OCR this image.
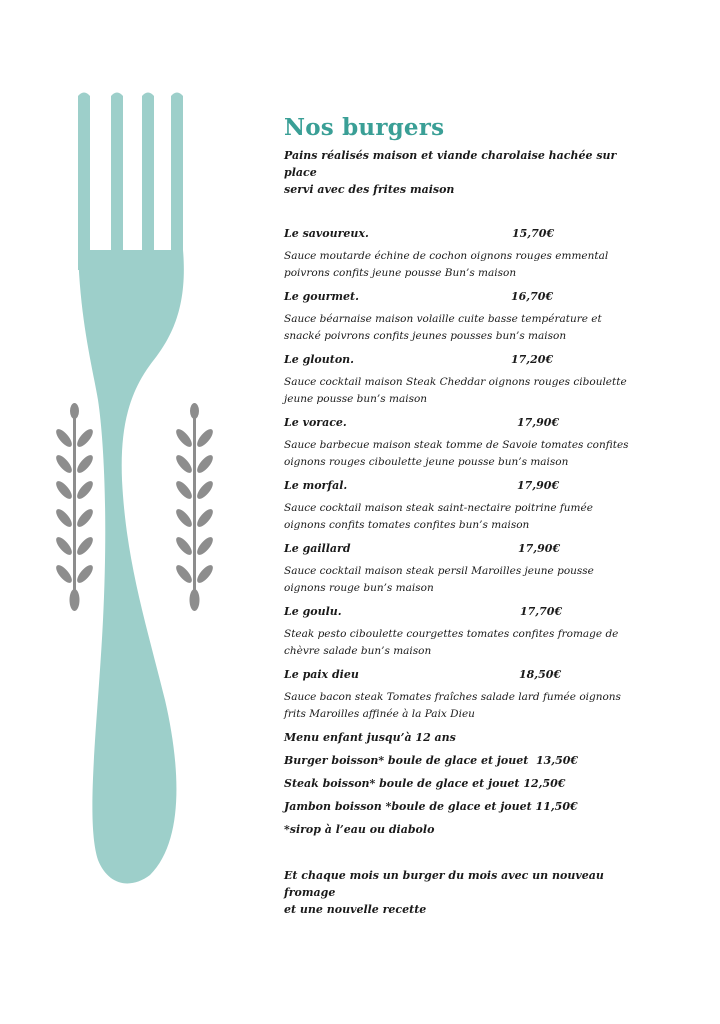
Nos burgers

Pains réalisés maison et viande charolaise hachée sur place
servi avec des frites maison

Le savoureux.	15,70€

Sauce moutarde échine de cochon oignons rouges emmental
poivrons confits jeune pousse Bun’s maison

Le gourmet.	16,70€

Sauce béarnaise maison volaille cuite basse température et
snacké poivrons confits jeunes pousses bun’s maison

Le glouton.	17,20€

Sauce cocktail maison Steak Cheddar oignons rouges ciboulette
jeune pousse bun’s maison

Le vorace.	17,90€

Sauce barbecue maison steak tomme de Savoie tomates confites
oignons rouges ciboulette jeune pousse bun’s maison

Le morfal.	17,90€

Sauce cocktail maison steak saint-nectaire poitrine fumée
oignons confits tomates confites bun’s maison

Le gaillard	17,90€

Sauce cocktail maison steak persil Maroilles jeune pousse
oignons rouge bun’s maison

Le goulu.	17,70€

Steak pesto ciboulette courgettes tomates confites fromage de
chèvre salade bun’s maison

Le paix dieu	18,50€

Sauce bacon steak Tomates fraîches salade lard fumée oignons
frits Maroilles affinée à la Paix Dieu

Menu enfant jusqu’à 12 ans

Burger boisson* boule de glace et jouet  13,50€

Steak boisson* boule de glace et jouet 12,50€

Jambon boisson *boule de glace et jouet 11,50€

*sirop à l’eau ou diabolo

Et chaque mois un burger du mois avec un nouveau fromage
et une nouvelle recette
